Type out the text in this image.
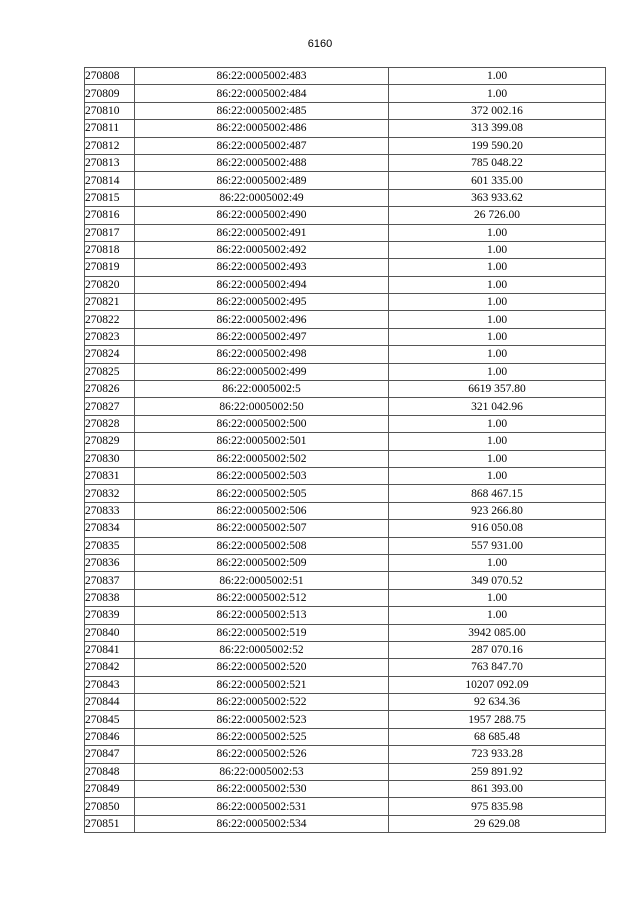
6160
270808	86:22:0005002:483	1.00
270809	86:22:0005002:484	1.00
270810	86:22:0005002:485	372 002.16
270811	86:22:0005002:486	313 399.08
270812	86:22:0005002:487	199 590.20
270813	86:22:0005002:488	785 048.22
270814	86:22:0005002:489	601 335.00
270815	86:22:0005002:49	363 933.62
270816	86:22:0005002:490	26 726.00
270817	86:22:0005002:491	1.00
270818	86:22:0005002:492	1.00
270819	86:22:0005002:493	1.00
270820	86:22:0005002:494	1.00
270821	86:22:0005002:495	1.00
270822	86:22:0005002:496	1.00
270823	86:22:0005002:497	1.00
270824	86:22:0005002:498	1.00
270825	86:22:0005002:499	1.00
270826	86:22:0005002:5	6619 357.80
270827	86:22:0005002:50	321 042.96
270828	86:22:0005002:500	1.00
270829	86:22:0005002:501	1.00
270830	86:22:0005002:502	1.00
270831	86:22:0005002:503	1.00
270832	86:22:0005002:505	868 467.15
270833	86:22:0005002:506	923 266.80
270834	86:22:0005002:507	916 050.08
270835	86:22:0005002:508	557 931.00
270836	86:22:0005002:509	1.00
270837	86:22:0005002:51	349 070.52
270838	86:22:0005002:512	1.00
270839	86:22:0005002:513	1.00
270840	86:22:0005002:519	3942 085.00
270841	86:22:0005002:52	287 070.16
270842	86:22:0005002:520	763 847.70
270843	86:22:0005002:521	10207 092.09
270844	86:22:0005002:522	92 634.36
270845	86:22:0005002:523	1957 288.75
270846	86:22:0005002:525	68 685.48
270847	86:22:0005002:526	723 933.28
270848	86:22:0005002:53	259 891.92
270849	86:22:0005002:530	861 393.00
270850	86:22:0005002:531	975 835.98
270851	86:22:0005002:534	29 629.08
